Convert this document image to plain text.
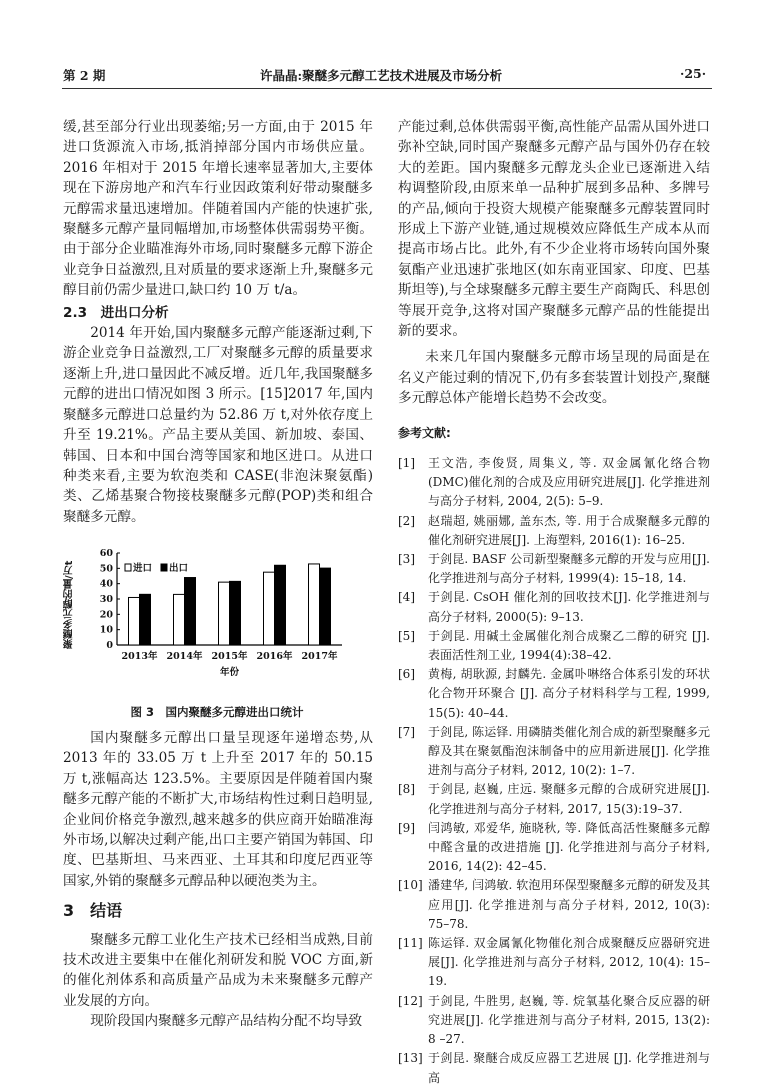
第 2 期	许晶晶:聚醚多元醇工艺技术进展及市场分析	·25·

缓,甚至部分行业出现萎缩;另一方面,由于 2015 年进口货源流入市场,抵消掉部分国内市场供应量。2016 年相对于 2015 年增长速率显著加大,主要体现在下游房地产和汽车行业因政策利好带动聚醚多元醇需求量迅速增加。伴随着国内产能的快速扩张,聚醚多元醇产量同幅增加,市场整体供需弱势平衡。由于部分企业瞄准海外市场,同时聚醚多元醇下游企业竞争日益激烈,且对质量的要求逐渐上升,聚醚多元醇目前仍需少量进口,缺口约 10 万 t/a。

2.3　进出口分析

2014 年开始,国内聚醚多元醇产能逐渐过剩,下游企业竞争日益激烈,工厂对聚醚多元醇的质量要求逐渐上升,进口量因此不减反增。近几年,我国聚醚多元醇的进出口情况如图 3 所示。[15]2017 年,国内聚醚多元醇进口总量约为 52.86 万 t,对外依存度上升至 19.21%。产品主要从美国、新加坡、泰国、韩国、日本和中国台湾等国家和地区进口。从进口种类来看,主要为软泡类和 CASE(非泡沫聚氨酯)类、乙烯基聚合物接枝聚醚多元醇(POP)类和组合聚醚多元醇。

聚醚多元醇的量/万t	0
10
20
30
40
50
60
2013年 2014年 2015年 2016年 2017年
年份
进口 出口
图 3　国内聚醚多元醇进出口统计

国内聚醚多元醇出口量呈现逐年递增态势,从 2013 年的 33.05 万 t 上升至 2017 年的 50.15 万 t,涨幅高达 123.5%。主要原因是伴随着国内聚醚多元醇产能的不断扩大,市场结构性过剩日趋明显,企业间价格竞争激烈,越来越多的供应商开始瞄准海外市场,以解决过剩产能,出口主要产销国为韩国、印度、巴基斯坦、马来西亚、土耳其和印度尼西亚等国家,外销的聚醚多元醇品种以硬泡类为主。

3　结语

聚醚多元醇工业化生产技术已经相当成熟,目前技术改进主要集中在催化剂研发和脱 VOC 方面,新的催化剂体系和高质量产品成为未来聚醚多元醇产业发展的方向。

现阶段国内聚醚多元醇产品结构分配不均导致

产能过剩,总体供需弱平衡,高性能产品需从国外进口弥补空缺,同时国产聚醚多元醇产品与国外仍存在较大的差距。国内聚醚多元醇龙头企业已逐渐进入结构调整阶段,由原来单一品种扩展到多品种、多牌号的产品,倾向于投资大规模产能聚醚多元醇装置同时形成上下游产业链,通过规模效应降低生产成本从而提高市场占比。此外,有不少企业将市场转向国外聚氨酯产业迅速扩张地区(如东南亚国家、印度、巴基斯坦等),与全球聚醚多元醇主要生产商陶氏、科思创等展开竞争,这将对国产聚醚多元醇产品的性能提出新的要求。

未来几年国内聚醚多元醇市场呈现的局面是在名义产能过剩的情况下,仍有多套装置计划投产,聚醚多元醇总体产能增长趋势不会改变。

参考文献:

[1]	王文浩, 李俊贤, 周集义, 等. 双金属氰化络合物(DMC)催化剂的合成及应用研究进展[J]. 化学推进剂与高分子材料, 2004, 2(5): 5–9.
[2]	赵瑞超, 姚丽娜, 盖东杰, 等. 用于合成聚醚多元醇的催化剂研究进展[J]. 上海塑料, 2016(1): 16–25.
[3]	于剑昆. BASF 公司新型聚醚多元醇的开发与应用[J]. 化学推进剂与高分子材料, 1999(4): 15–18, 14.
[4]	于剑昆. CsOH 催化剂的回收技术[J]. 化学推进剂与高分子材料, 2000(5): 9–13.
[5]	于剑昆. 用碱土金属催化剂合成聚乙二醇的研究 [J]. 表面活性剂工业, 1994(4):38–42.
[6]	黄梅, 胡耿源, 封麟先. 金属卟啉络合体系引发的环状化合物开环聚合 [J]. 高分子材料科学与工程, 1999, 15(5): 40–44.
[7]	于剑昆, 陈运铎. 用磷腈类催化剂合成的新型聚醚多元醇及其在聚氨酯泡沫制备中的应用新进展[J]. 化学推进剂与高分子材料, 2012, 10(2): 1–7.
[8]	于剑昆, 赵巍, 庄远. 聚醚多元醇的合成研究进展[J]. 化学推进剂与高分子材料, 2017, 15(3):19–37.
[9]	闫鸿敏, 邓爱华, 施晓秋, 等. 降低高活性聚醚多元醇中醛含量的改进措施 [J]. 化学推进剂与高分子材料, 2016, 14(2): 42–45.
[10] 潘建华, 闫鸿敏. 软泡用环保型聚醚多元醇的研发及其应用[J]. 化学推进剂与高分子材料, 2012, 10(3): 75–78.
[11] 陈运铎. 双金属氰化物催化剂合成聚醚反应器研究进展[J]. 化学推进剂与高分子材料, 2012, 10(4): 15–19.
[12] 于剑昆, 牛胜男, 赵巍, 等. 烷氧基化聚合反应器的研究进展[J]. 化学推进剂与高分子材料, 2015, 13(2): 8 –27.
[13] 于剑昆. 聚醚合成反应器工艺进展 [J]. 化学推进剂与高
